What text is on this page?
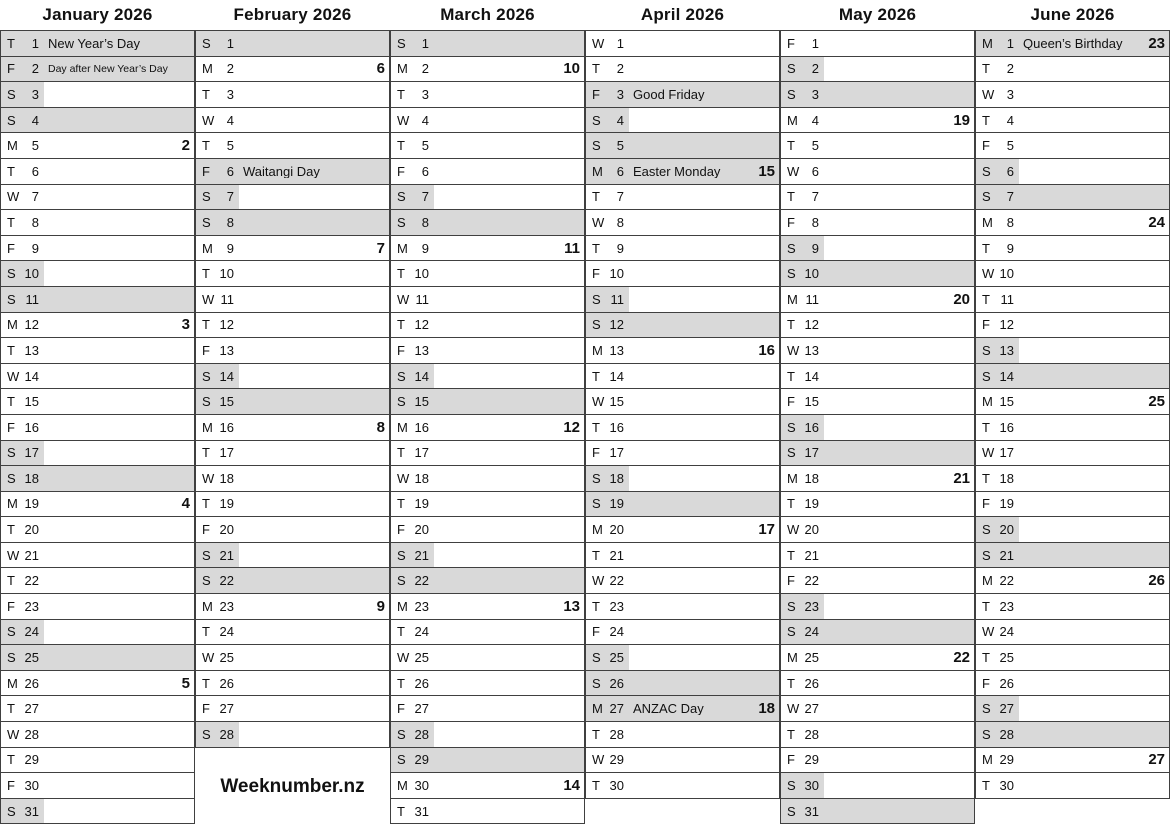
January 2026
T	1 New Year’s Day
F	2 Day after New Year’s Day
S	3
S	4
M	5	2
T	6
W 7
T	8
F	9
S 10
S 11
M 12	3
T 13
W 14
T 15
F 16
S 17
S 18
M 19	4
T 20
W 21
T 22
F 23
S 24
S 25
M 26	5
T 27
W 28
T 29
F 30
S 31
February 2026
S	1
M	2	6
T	3
W 4
T	5
F	6 Waitangi Day
S	7
S	8
M	9	7
T 10
W 11
T 12
F 13
S 14
S 15
M 16	8
T 17
W 18
T 19
F 20
S 21
S 22
M 23	9
T 24
W 25
T 26
F 27
S 28
Weeknumber.nz
March 2026
S	1
M	2	10
T	3
W 4
T	5
F	6
S	7
S	8
M	9	11
T 10
W 11
T 12
F 13
S 14
S 15
M 16	12
T 17
W 18
T 19
F 20
S 21
S 22
M 23	13
T 24
W 25
T 26
F 27
S 28
S 29
M 30	14
T 31
April 2026
W 1
T	2
F	3 Good Friday
S	4
S	5
M	6 Easter Monday	15
T	7
W 8
T	9
F 10
S 11
S 12
M 13	16
T 14
W 15
T 16
F 17
S 18
S 19
M 20	17
T 21
W 22
T 23
F 24
S 25
S 26
M 27 ANZAC Day	18
T 28
W 29
T 30
May 2026
F	1
S	2
S	3
M	4	19
T	5
W 6
T	7
F	8
S	9
S 10
M 11	20
T 12
W 13
T 14
F 15
S 16
S 17
M 18	21
T 19
W 20
T 21
F 22
S 23
S 24
M 25	22
T 26
W 27
T 28
F 29
S 30
S 31
June 2026
M	1 Queen’s Birthday	23
T	2
W 3
T	4
F	5
S	6
S	7
M	8	24
T	9
W 10
T 11
F 12
S 13
S 14
M 15	25
T 16
W 17
T 18
F 19
S 20
S 21
M 22	26
T 23
W 24
T 25
F 26
S 27
S 28
M 29	27
T 30
